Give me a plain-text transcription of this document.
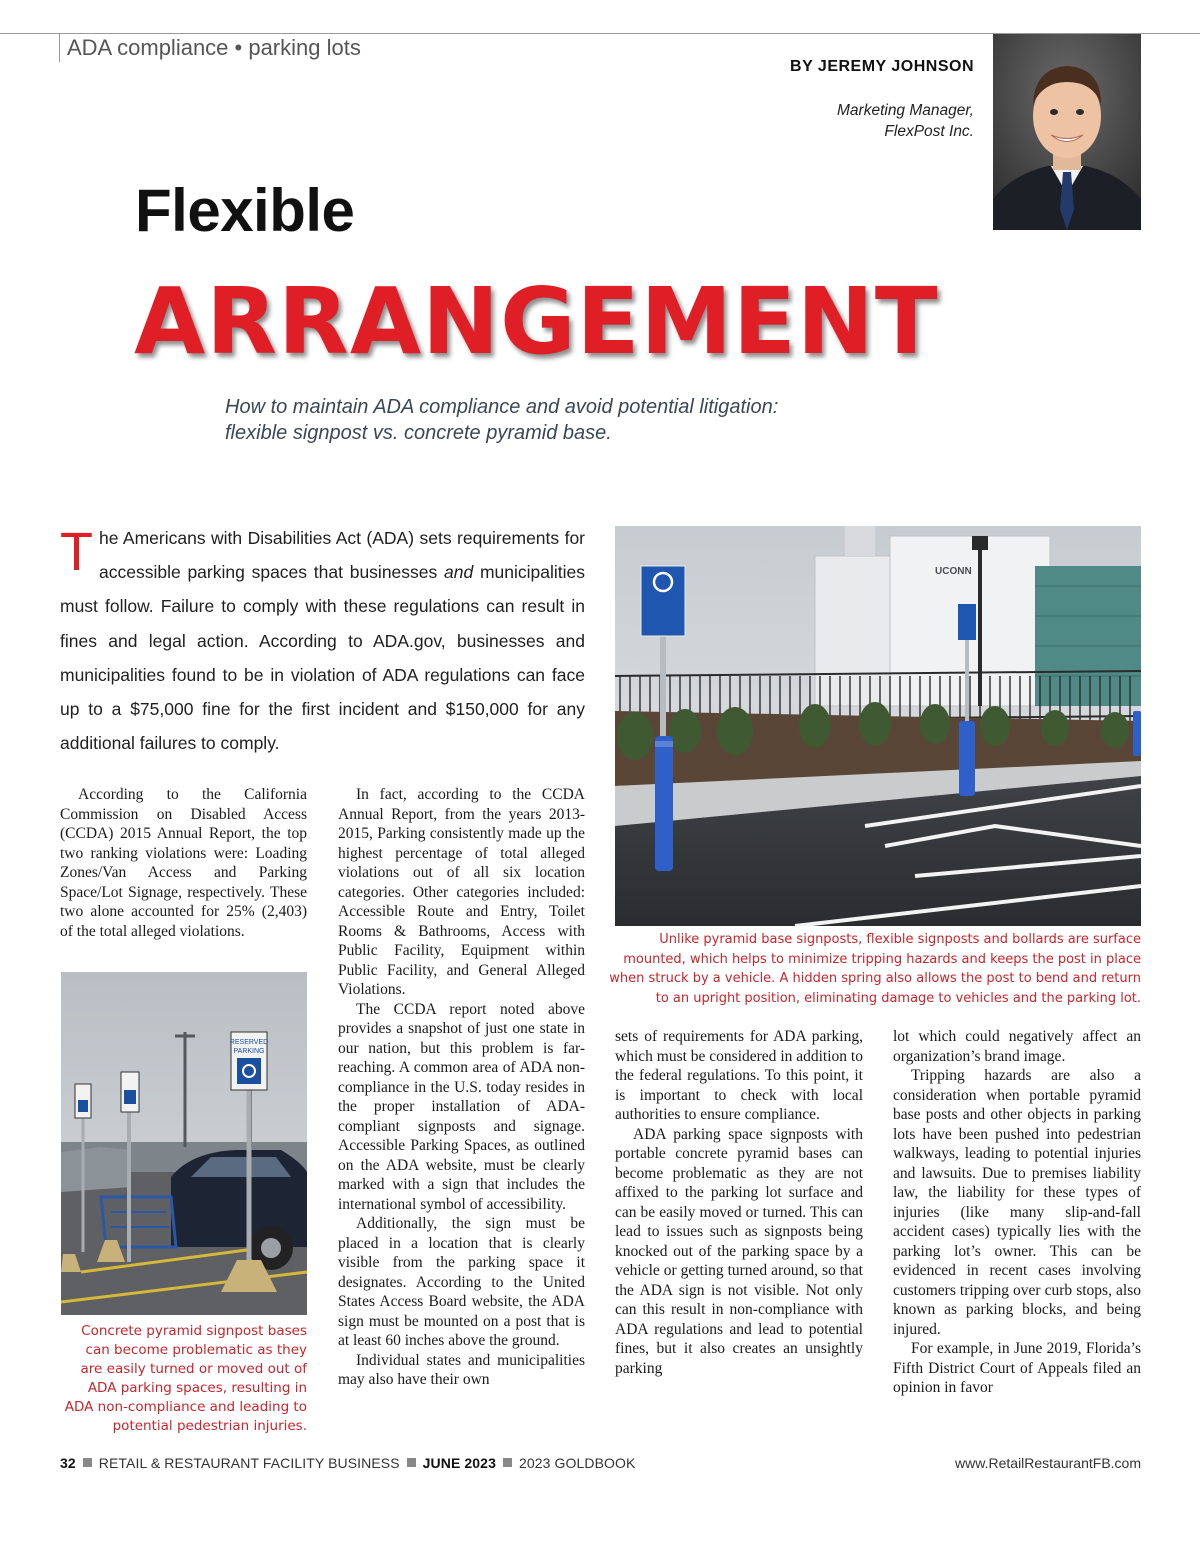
ADA compliance • parking lots
BY JEREMY JOHNSON
Marketing Manager,
FlexPost Inc.
Flexible
ARRANGEMENT
How to maintain ADA compliance and avoid potential litigation:
flexible signpost vs. concrete pyramid base.
The Americans with Disabilities Act (ADA) sets requirements for accessible parking spaces that businesses and municipalities must follow. Failure to comply with these regulations can result in fines and legal action. According to ADA.gov, businesses and municipalities found to be in violation of ADA regulations can face up to a $75,000 fine for the first incident and $150,000 for any additional failures to comply.

According to the California Commission on Disabled Access (CCDA) 2015 Annual Report, the top two ranking violations were: Loading Zones/Van Access and Parking Space/Lot Signage, respectively. These two alone accounted for 25% (2,403) of the total alleged violations.

RESERVED
PARKING

In fact, according to the CCDA Annual Report, from the years 2013-2015, Parking consistently made up the highest percentage of total alleged violations out of all six location categories. Other categories included: Accessible Route and Entry, Toilet Rooms & Bathrooms, Access with Public Facility, Equipment within Public Facility, and General Alleged Violations.

The CCDA report noted above provides a snapshot of just one state in our nation, but this problem is far-reaching. A common area of ADA non-compliance in the U.S. today resides in the proper installation of ADA-compliant signposts and signage. Accessible Parking Spaces, as outlined on the ADA website, must be clearly marked with a sign that includes the international symbol of accessibility.

Additionally, the sign must be placed in a location that is clearly visible from the parking space it designates. According to the United States Access Board website, the ADA sign must be mounted on a post that is at least 60 inches above the ground.

Individual states and municipalities may also have their own

Concrete pyramid signpost bases can become problematic as they are easily turned or moved out of ADA parking spaces, resulting in ADA non-compliance and leading to potential pedestrian injuries.
UCONN
Unlike pyramid base signposts, flexible signposts and bollards are surface mounted, which helps to minimize tripping hazards and keeps the post in place when struck by a vehicle. A hidden spring also allows the post to bend and return to an upright position, eliminating damage to vehicles and the parking lot.

sets of requirements for ADA parking, which must be considered in addition to the federal regulations. To this point, it is important to check with local authorities to ensure compliance.

ADA parking space signposts with portable concrete pyramid bases can become problematic as they are not affixed to the parking lot surface and can be easily moved or turned. This can lead to issues such as signposts being knocked out of the parking space by a vehicle or getting turned around, so that the ADA sign is not visible. Not only can this result in non-compliance with ADA regulations and lead to potential fines, but it also creates an unsightly parking

lot which could negatively affect an organization’s brand image.

Tripping hazards are also a consideration when portable pyramid base posts and other objects in parking lots have been pushed into pedestrian walkways, leading to potential injuries and lawsuits. Due to premises liability law, the liability for these types of injuries (like many slip-and-fall accident cases) typically lies with the parking lot’s owner. This can be evidenced in recent cases involving customers tripping over curb stops, also known as parking blocks, and being injured.

For example, in June 2019, Florida’s Fifth District Court of Appeals filed an opinion in favor

32 RETAIL & RESTAURANT FACILITY BUSINESS JUNE 2023 2023 GOLDBOOK	www.RetailRestaurantFB.com
